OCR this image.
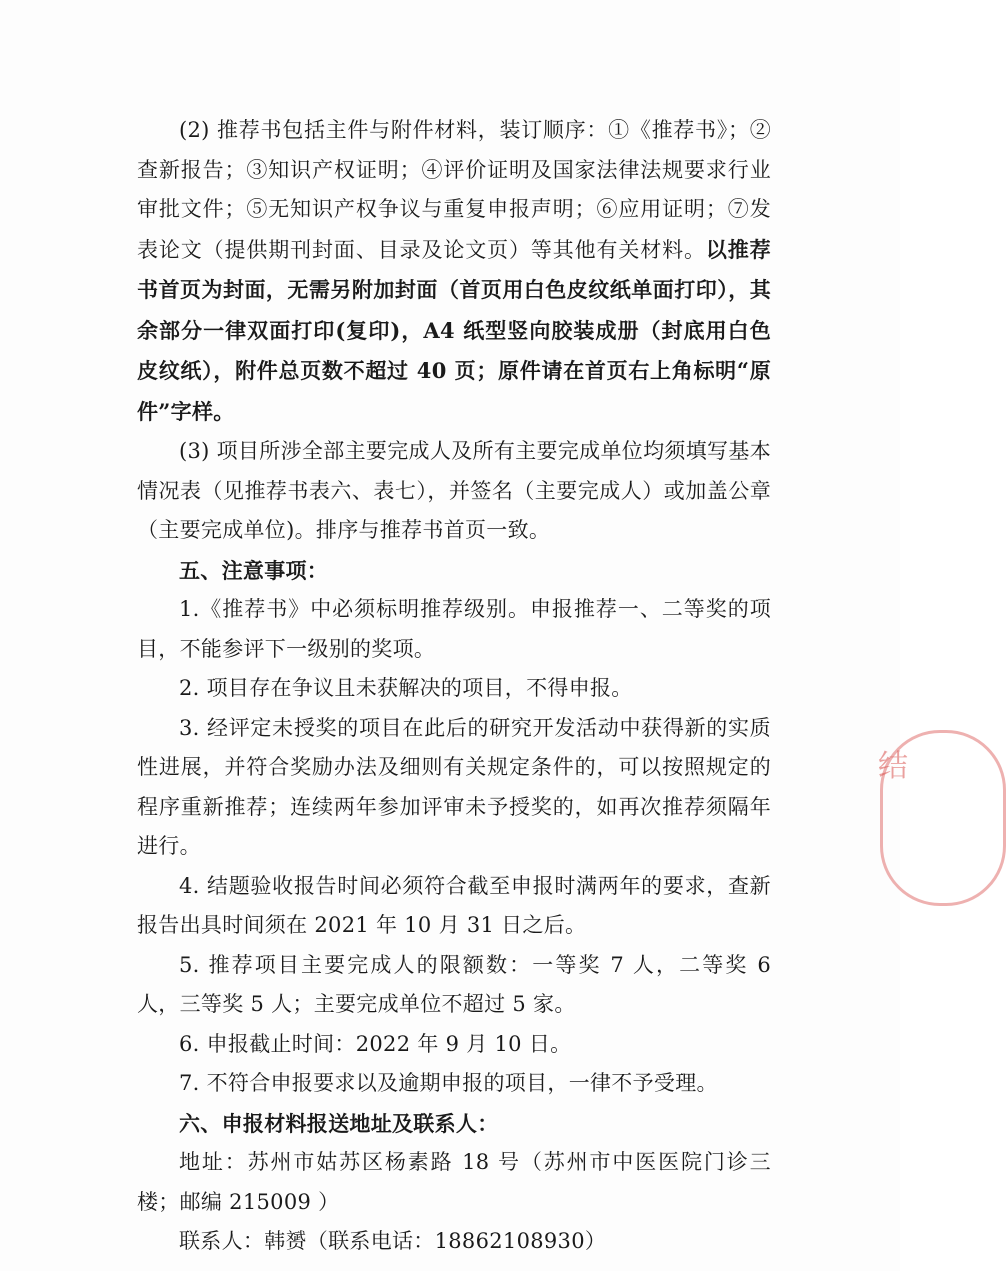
(2) 推荐书包括主件与附件材料，装订顺序：①《推荐书》；②查新报告；③知识产权证明；④评价证明及国家法律法规要求行业审批文件；⑤无知识产权争议与重复申报声明；⑥应用证明；⑦发表论文（提供期刊封面、目录及论文页）等其他有关材料。以推荐书首页为封面，无需另附加封面（首页用白色皮纹纸单面打印），其余部分一律双面打印(复印)，A4 纸型竖向胶装成册（封底用白色皮纹纸），附件总页数不超过 40 页；原件请在首页右上角标明“原件”字样。

(3) 项目所涉全部主要完成人及所有主要完成单位均须填写基本情况表（见推荐书表六、表七），并签名（主要完成人）或加盖公章（主要完成单位)。排序与推荐书首页一致。

五、注意事项：

1.《推荐书》中必须标明推荐级别。申报推荐一、二等奖的项目，不能参评下一级别的奖项。

2. 项目存在争议且未获解决的项目，不得申报。

3. 经评定未授奖的项目在此后的研究开发活动中获得新的实质性进展，并符合奖励办法及细则有关规定条件的，可以按照规定的程序重新推荐；连续两年参加评审未予授奖的，如再次推荐须隔年进行。

4. 结题验收报告时间必须符合截至申报时满两年的要求，查新报告出具时间须在 2021 年 10 月 31 日之后。

5. 推荐项目主要完成人的限额数：一等奖 7 人，二等奖 6 人，三等奖 5 人；主要完成单位不超过 5 家。

6. 申报截止时间：2022 年 9 月 10 日。

7. 不符合申报要求以及逾期申报的项目，一律不予受理。

六、申报材料报送地址及联系人：

地址：苏州市姑苏区杨素路 18 号（苏州市中医医院门诊三楼；邮编 215009 ）

联系人：韩赟（联系电话：18862108930）

结
